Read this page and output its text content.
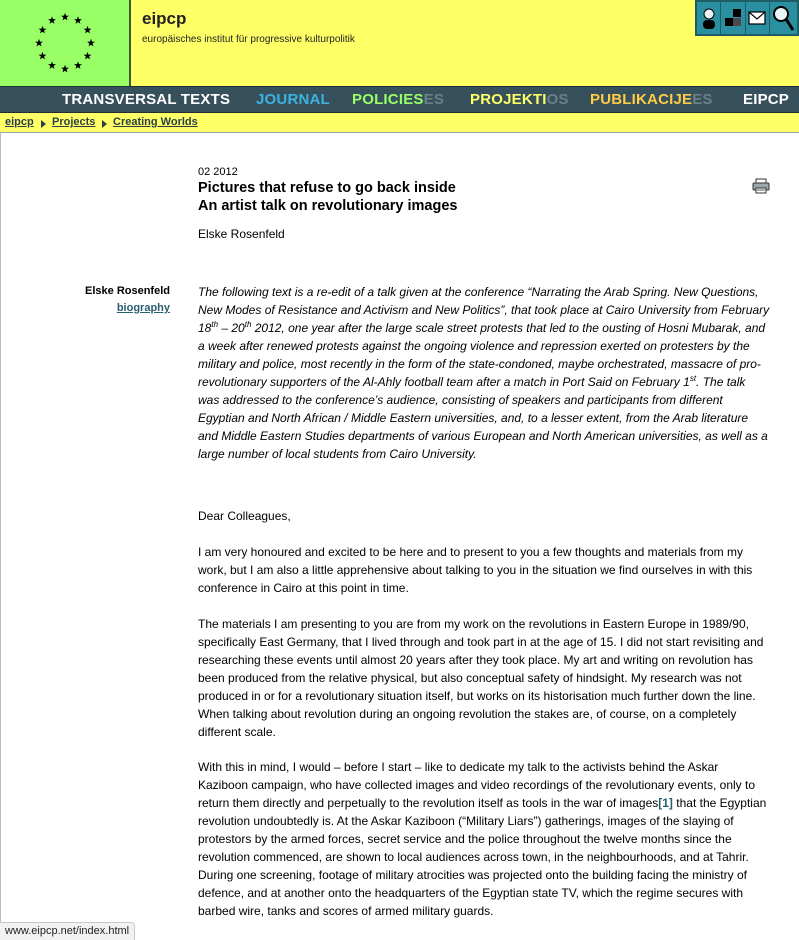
eipcp
europäisches institut für progressive kulturpolitik
TRANSVERSAL TEXTS JOURNAL POLICIESES PROJEKTIOS PUBLIKACIJEES EIPCP
eipcp Projects Creating Worlds
02 2012
Pictures that refuse to go back inside
An artist talk on revolutionary images
Elske Rosenfeld
Elske Rosenfeld
biography
The following text is a re-edit of a talk given at the conference “Narrating the Arab Spring. New Questions, New Modes of Resistance and Activism and New Politics”, that took place at Cairo University from February 18th – 20th 2012, one year after the large scale street protests that led to the ousting of Hosni Mubarak, and a week after renewed protests against the ongoing violence and repression exerted on protesters by the military and police, most recently in the form of the state-condoned, maybe orchestrated, massacre of pro-revolutionary supporters of the Al-Ahly football team after a match in Port Said on February 1st. The talk was addressed to the conference’s audience, consisting of speakers and participants from different Egyptian and North African / Middle Eastern universities, and, to a lesser extent, from the Arab literature and Middle Eastern Studies departments of various European and North American universities, as well as a large number of local students from Cairo University.
Dear Colleagues,
I am very honoured and excited to be here and to present to you a few thoughts and materials from my work, but I am also a little apprehensive about talking to you in the situation we find ourselves in with this conference in Cairo at this point in time.
The materials I am presenting to you are from my work on the revolutions in Eastern Europe in 1989/90, specifically East Germany, that I lived through and took part in at the age of 15. I did not start revisiting and researching these events until almost 20 years after they took place. My art and writing on revolution has been produced from the relative physical, but also conceptual safety of hindsight. My research was not produced in or for a revolutionary situation itself, but works on its historisation much further down the line. When talking about revolution during an ongoing revolution the stakes are, of course, on a completely different scale.
With this in mind, I would – before I start – like to dedicate my talk to the activists behind the Askar Kaziboon campaign, who have collected images and video recordings of the revolutionary events, only to return them directly and perpetually to the revolution itself as tools in the war of images[1] that the Egyptian revolution undoubtedly is. At the Askar Kaziboon (“Military Liars”) gatherings, images of the slaying of protestors by the armed forces, secret service and the police throughout the twelve months since the revolution commenced, are shown to local audiences across town, in the neighbourhoods, and at Tahrir. During one screening, footage of military atrocities was projected onto the building facing the ministry of defence, and at another onto the headquarters of the Egyptian state TV, which the regime secures with barbed wire, tanks and scores of armed military guards.
www.eipcp.net/index.html
